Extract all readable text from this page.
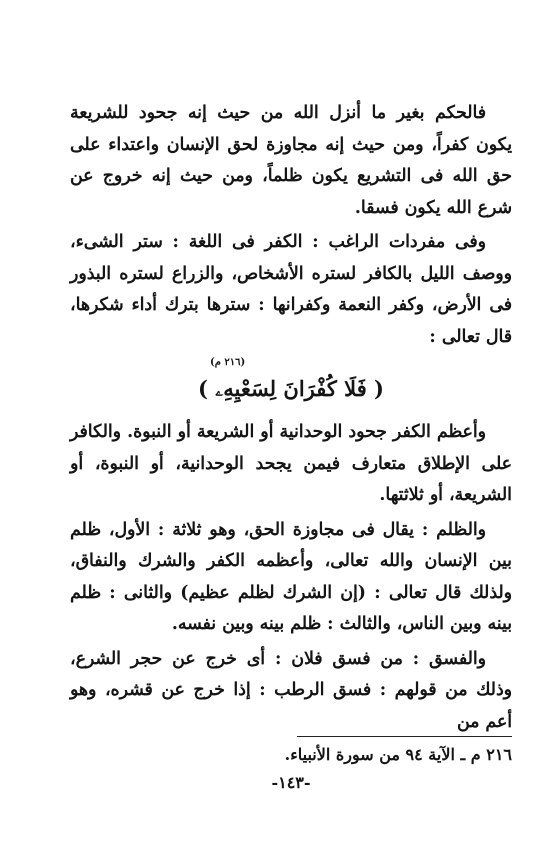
فالحكم بغير ما أنزل الله من حيث إنه جحود للشريعة يكون كفراً، ومن حيث إنه مجاوزة لحق الإنسان واعتداء على حق الله فى التشريع يكون ظلماً، ومن حيث إنه خروج عن شرع الله يكون فسقا.

وفى مفردات الراغب : الكفر فى اللغة : ستر الشىء، ووصف الليل بالكافر لستره الأشخاص، والزراع لستره البذور فى الأرض، وكفر النعمة وكفرانها : سترها بترك أداء شكرها، قال تعالى :

(٢١٦ م)
( فَلَا كُفْرَانَ لِسَعْيِهِۦ )

وأعظم الكفر جحود الوحدانية أو الشريعة أو النبوة. والكافر على الإطلاق متعارف فيمن يجحد الوحدانية، أو النبوة، أو الشريعة، أو ثلاثتها.

والظلم : يقال فى مجاوزة الحق، وهو ثلاثة : الأول، ظلم بين الإنسان والله تعالى، وأعظمه الكفر والشرك والنفاق، ولذلك قال تعالى : (إن الشرك لظلم عظيم) والثانى : ظلم بينه وبين الناس، والثالث : ظلم بينه وبين نفسه.

والفسق : من فسق فلان : أى خرج عن حجر الشرع، وذلك من قولهم : فسق الرطب : إذا خرج عن قشره، وهو أعم من

٢١٦ م ـ الآية ٩٤ من سورة الأنبياء.
-١٤٣-
